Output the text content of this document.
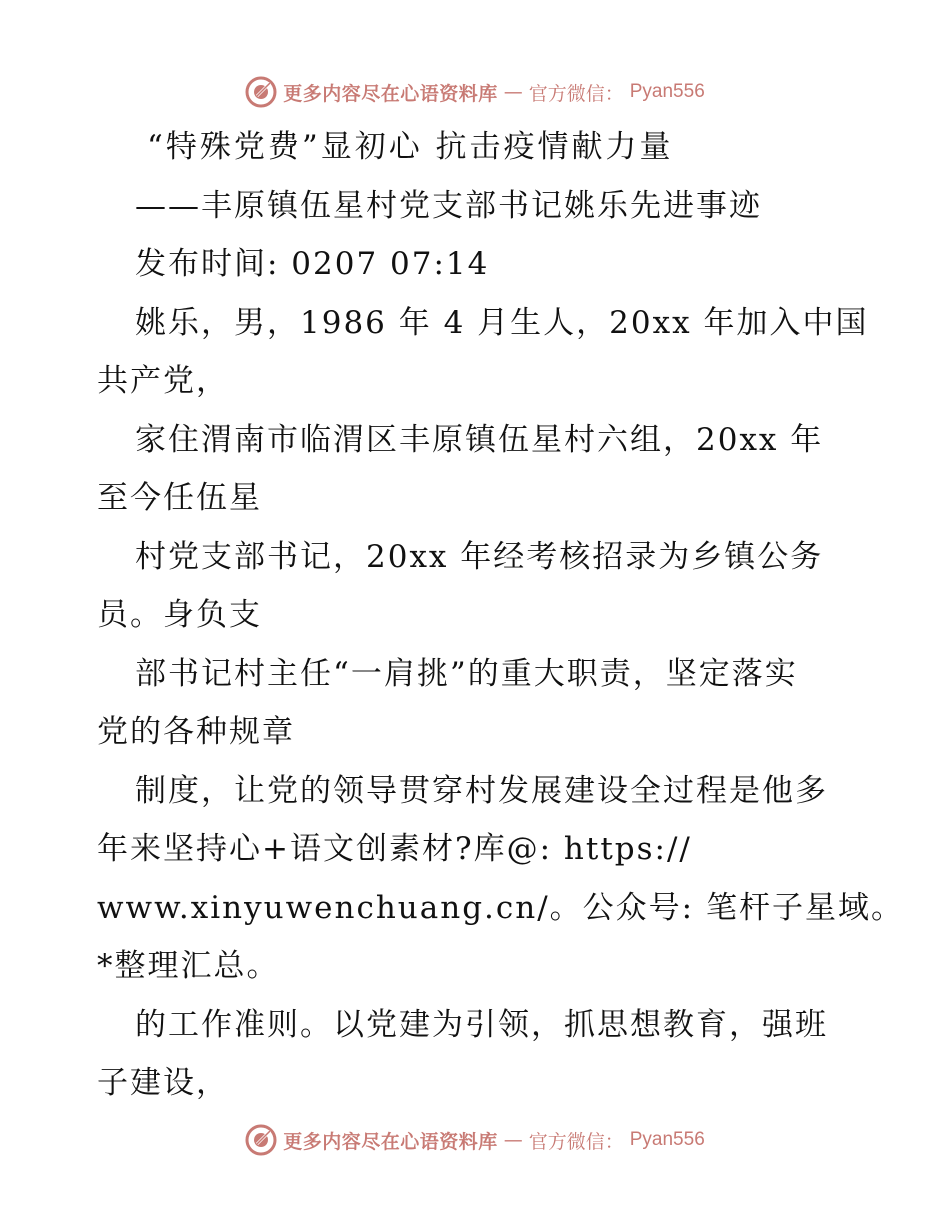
更多内容尽在心语资料库 — 官方微信： Pyan556
“特殊党费”显初心 抗击疫情献力量
——丰原镇伍星村党支部书记姚乐先进事迹
发布时间: 0207 07:14
姚乐，男，1986 年 4 月生人，20xx 年加入中国
共产党，
家住渭南市临渭区丰原镇伍星村六组，20xx 年
至今任伍星
村党支部书记，20xx 年经考核招录为乡镇公务
员。身负支
部书记村主任“一肩挑”的重大职责，坚定落实
党的各种规章
制度，让党的领导贯穿村发展建设全过程是他多
年来坚持心+语文创素材?库@: https://
www.xinyuwenchuang.cn/。公众号: 笔杆子星域。
*整理汇总。
的工作准则。以党建为引领，抓思想教育，强班
子建设，
更多内容尽在心语资料库 — 官方微信： Pyan556
